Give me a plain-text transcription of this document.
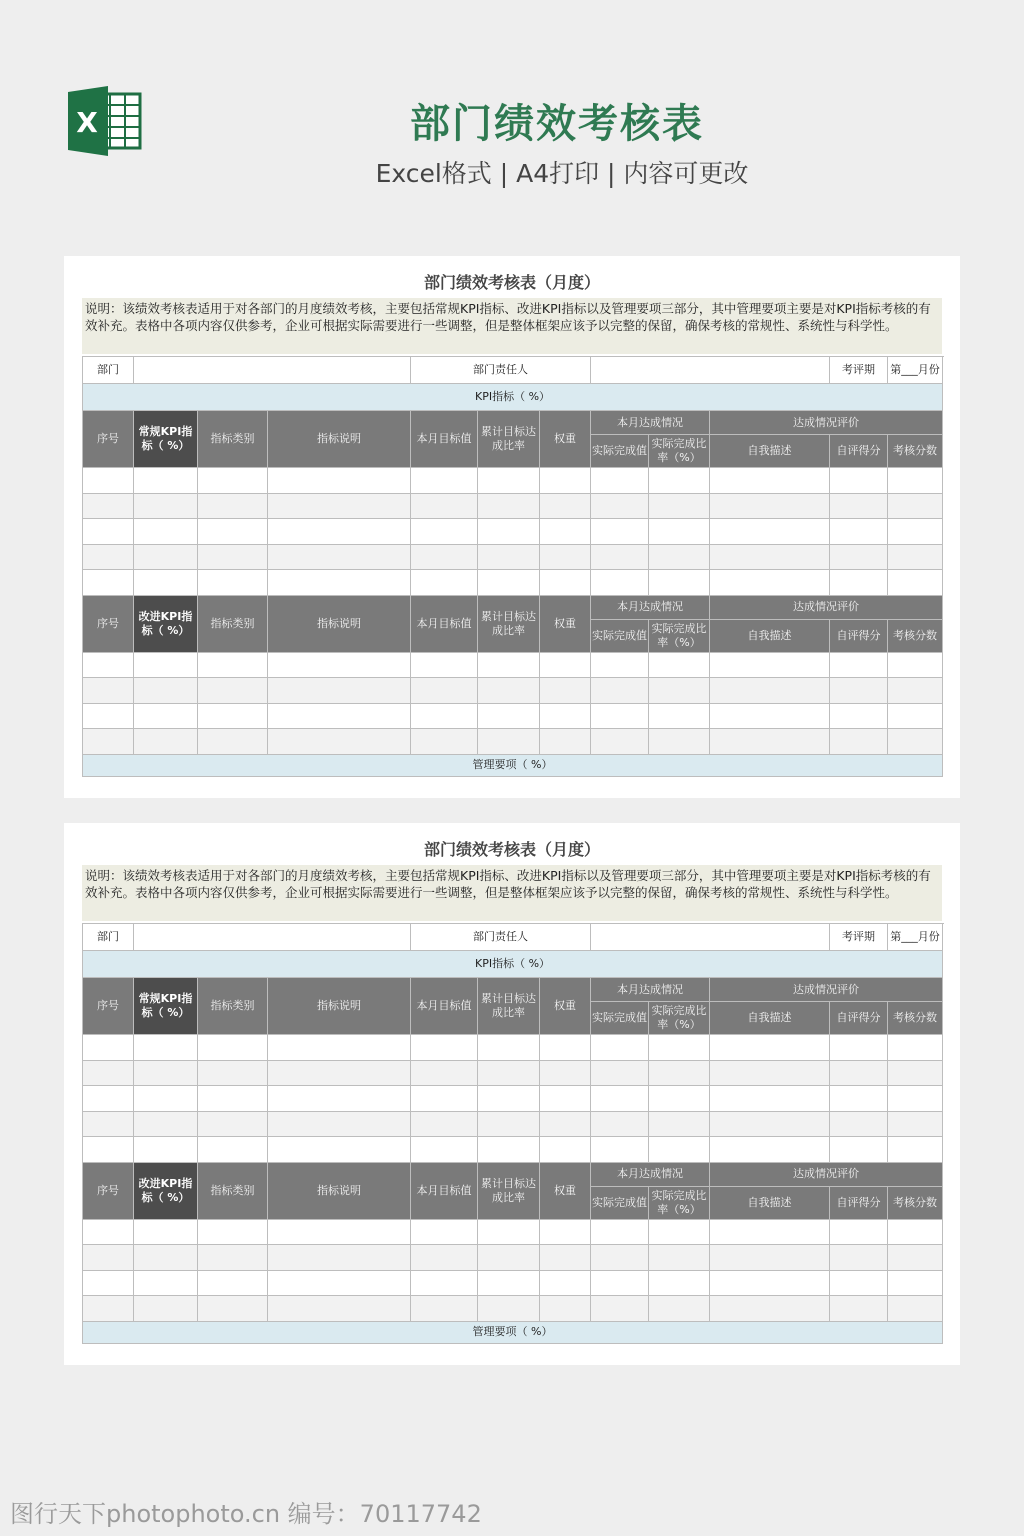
X	部门绩效考核表
Excel格式 | A4打印 | 内容可更改
部门绩效考核表（月度）
说明：该绩效考核表适用于对各部门的月度绩效考核，主要包括常规KPI指标、改进KPI指标以及管理要项三部分，其中管理要项主要是对KPI指标考核的有效补充。表格中各项内容仅供参考，企业可根据实际需要进行一些调整，但是整体框架应该予以完整的保留，确保考核的常规性、系统性与科学性。
部门				部门责任人						考评期	第___月份
KPI指标（ %）											
序号	常规KPI指标（ %）	指标类别	指标说明	本月目标值	累计目标达成比率	权重	本月达成情况		达成情况评价		
							实际完成值	实际完成比率（%）	自我描述	自评得分	考核分数

序号	改进KPI指标（ %）	指标类别	指标说明	本月目标值	累计目标达成比率	权重	本月达成情况		达成情况评价		
							实际完成值	实际完成比率（%）	自我描述	自评得分	考核分数

管理要项（ %）											
部门绩效考核表（月度）
说明：该绩效考核表适用于对各部门的月度绩效考核，主要包括常规KPI指标、改进KPI指标以及管理要项三部分，其中管理要项主要是对KPI指标考核的有效补充。表格中各项内容仅供参考，企业可根据实际需要进行一些调整，但是整体框架应该予以完整的保留，确保考核的常规性、系统性与科学性。
部门				部门责任人						考评期	第___月份
KPI指标（ %）											
序号	常规KPI指标（ %）	指标类别	指标说明	本月目标值	累计目标达成比率	权重	本月达成情况		达成情况评价		
							实际完成值	实际完成比率（%）	自我描述	自评得分	考核分数

序号	改进KPI指标（ %）	指标类别	指标说明	本月目标值	累计目标达成比率	权重	本月达成情况		达成情况评价		
							实际完成值	实际完成比率（%）	自我描述	自评得分	考核分数

管理要项（ %）											
图行天下photophoto.cn 编号：70117742
